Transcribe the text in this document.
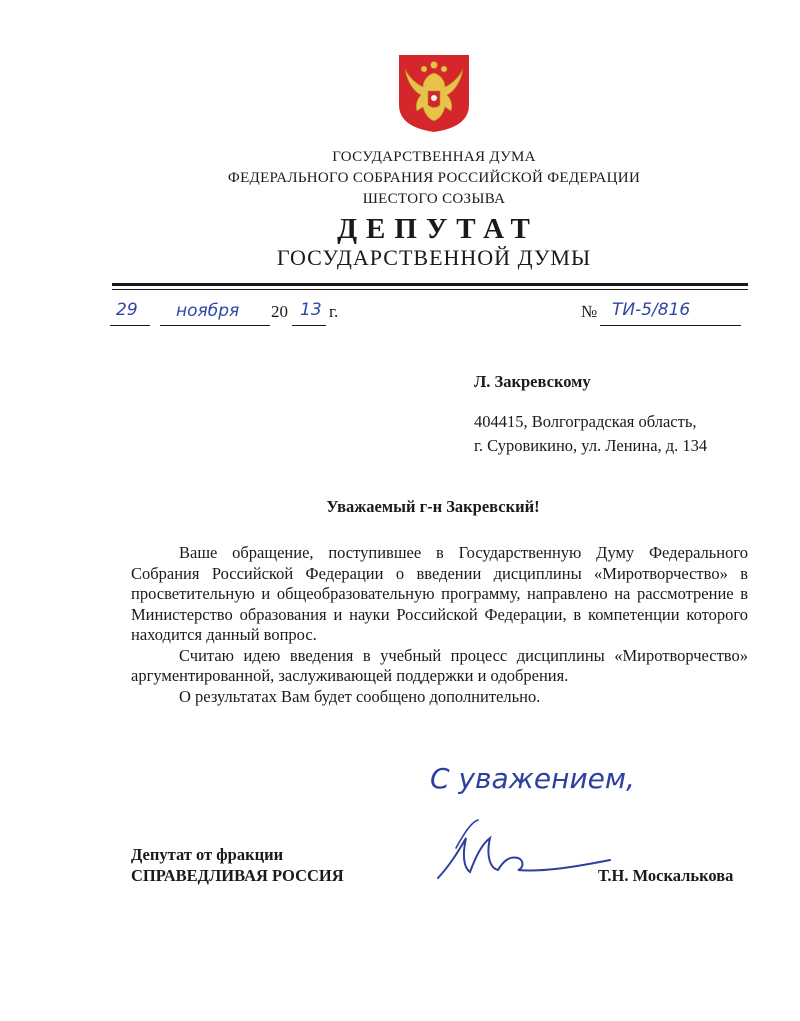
ГОСУДАРСТВЕННАЯ ДУМА
ФЕДЕРАЛЬНОГО СОБРАНИЯ РОССИЙСКОЙ ФЕДЕРАЦИИ
ШЕСТОГО СОЗЫВА
ДЕПУТАТ
ГОСУДАРСТВЕННОЙ ДУМЫ
29 ноября 20 13 г.	№ ТИ-5/816
Л. Закревскому
404415, Волгоградская область,
г. Суровикино, ул. Ленина, д. 134
Уважаемый г-н Закревский!

Ваше обращение, поступившее в Государственную Думу Федерального Собрания Российской Федерации о введении дисциплины «Миротворчество» в просветительную и общеобразовательную программу, направлено на рассмотрение в Министерство образования и науки Российской Федерации, в компетенции которого находится данный вопрос.

Считаю идею введения в учебный процесс дисциплины «Миротворчество» аргументированной, заслуживающей поддержки и одобрения.

О результатах Вам будет сообщено дополнительно.

С уважением,
Депутат от фракции
СПРАВЕДЛИВАЯ РОССИЯ	Т.Н. Москалькова
